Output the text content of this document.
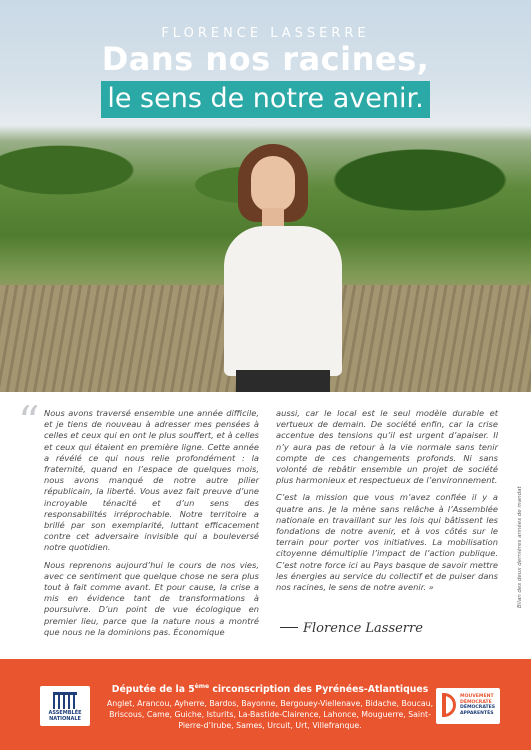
FLORENCE LASSERRE
Dans nos racines,
le sens de notre avenir.
“ Nous avons traversé ensemble une année difficile, et je tiens de nouveau à adresser mes pensées à celles et ceux qui en ont le plus souffert, et à celles et ceux qui étaient en première ligne. Cette année a révélé ce qui nous relie profondément : la fraternité, quand en l’espace de quelques mois, nous avons manqué de notre autre pilier républicain, la liberté. Vous avez fait preuve d’une incroyable ténacité et d’un sens des responsabilités irréprochable. Notre territoire a brillé par son exemplarité, luttant efficacement contre cet adversaire invisible qui a bouleversé notre quotidien.

Nous reprenons aujourd’hui le cours de nos vies, avec ce sentiment que quelque chose ne sera plus tout à fait comme avant. Et pour cause, la crise a mis en évidence tant de transformations à poursuivre. D’un point de vue écologique en premier lieu, parce que la nature nous a montré que nous ne la dominions pas. Économique

aussi, car le local est le seul modèle durable et vertueux de demain. De société enfin, car la crise accentue des tensions qu’il est urgent d’apaiser. Il n’y aura pas de retour à la vie normale sans tenir compte de ces changements profonds. Ni sans volonté de rebâtir ensemble un projet de société plus harmonieux et respectueux de l’environnement.

C’est la mission que vous m’avez confiée il y a quatre ans. Je la mène sans relâche à l’Assemblée nationale en travaillant sur les lois qui bâtissent les fondations de notre avenir, et à vos côtés sur le terrain pour porter vos initiatives. La mobilisation citoyenne démultiplie l’impact de l’action publique. C’est notre force ici au Pays basque de savoir mettre les énergies au service du collectif et de puiser dans nos racines, le sens de notre avenir. »

Florence Lasserre
Bilan des deux dernières années de mandat
ASSEMBLÉE NATIONALE
Députée de la 5ème circonscription des Pyrénées-Atlantiques
Anglet, Arancou, Ayherre, Bardos, Bayonne, Bergouey-Viellenave, Bidache, Boucau, Briscous, Came, Guiche, Isturits, La-Bastide-Clairence, Lahonce, Mouguerre, Saint-Pierre-d’Irube, Sames, Urcuit, Urt, Villefranque.
MOUVEMENT
DÉMOCRATE
DÉMOCRATES
APPARENTÉS
